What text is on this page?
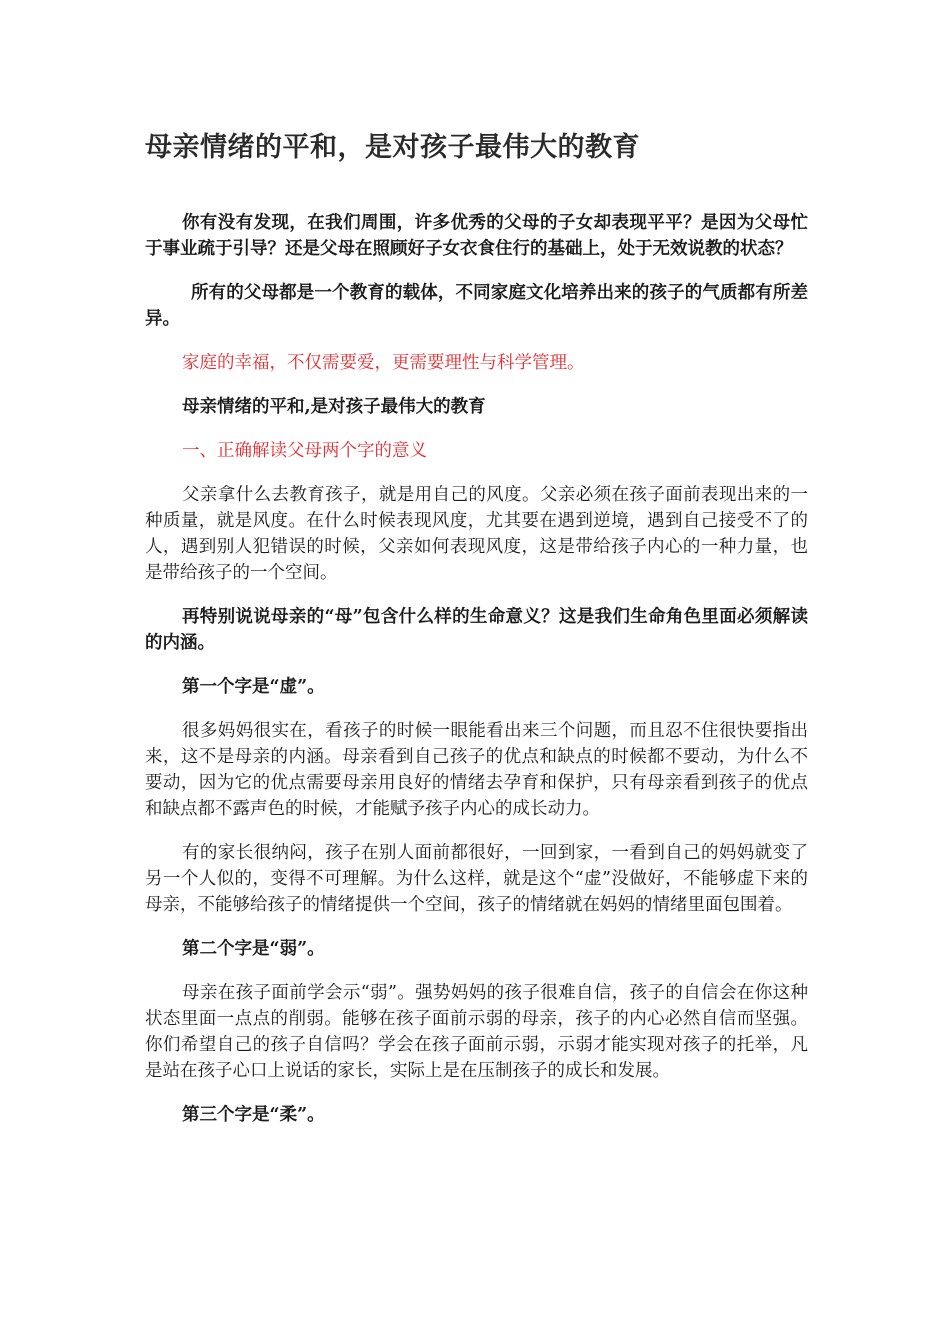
母亲情绪的平和，是对孩子最伟大的教育

你有没有发现，在我们周围，许多优秀的父母的子女却表现平平？是因为父母忙于事业疏于引导？还是父母在照顾好子女衣食住行的基础上，处于无效说教的状态？

所有的父母都是一个教育的载体，不同家庭文化培养出来的孩子的气质都有所差异。

家庭的幸福，不仅需要爱，更需要理性与科学管理。

母亲情绪的平和,是对孩子最伟大的教育

一、正确解读父母两个字的意义

父亲拿什么去教育孩子，就是用自己的风度。父亲必须在孩子面前表现出来的一种质量，就是风度。在什么时候表现风度，尤其要在遇到逆境，遇到自己接受不了的人，遇到别人犯错误的时候，父亲如何表现风度，这是带给孩子内心的一种力量，也是带给孩子的一个空间。

再特别说说母亲的“母”包含什么样的生命意义？这是我们生命角色里面必须解读的内涵。

第一个字是“虚”。

很多妈妈很实在，看孩子的时候一眼能看出来三个问题，而且忍不住很快要指出来，这不是母亲的内涵。母亲看到自己孩子的优点和缺点的时候都不要动，为什么不要动，因为它的优点需要母亲用良好的情绪去孕育和保护，只有母亲看到孩子的优点和缺点都不露声色的时候，才能赋予孩子内心的成长动力。

有的家长很纳闷，孩子在别人面前都很好，一回到家，一看到自己的妈妈就变了另一个人似的，变得不可理解。为什么这样，就是这个“虚”没做好，不能够虚下来的母亲，不能够给孩子的情绪提供一个空间，孩子的情绪就在妈妈的情绪里面包围着。

第二个字是“弱”。

母亲在孩子面前学会示“弱”。强势妈妈的孩子很难自信，孩子的自信会在你这种状态里面一点点的削弱。能够在孩子面前示弱的母亲，孩子的内心必然自信而坚强。你们希望自己的孩子自信吗？学会在孩子面前示弱，示弱才能实现对孩子的托举，凡是站在孩子心口上说话的家长，实际上是在压制孩子的成长和发展。

第三个字是“柔”。
